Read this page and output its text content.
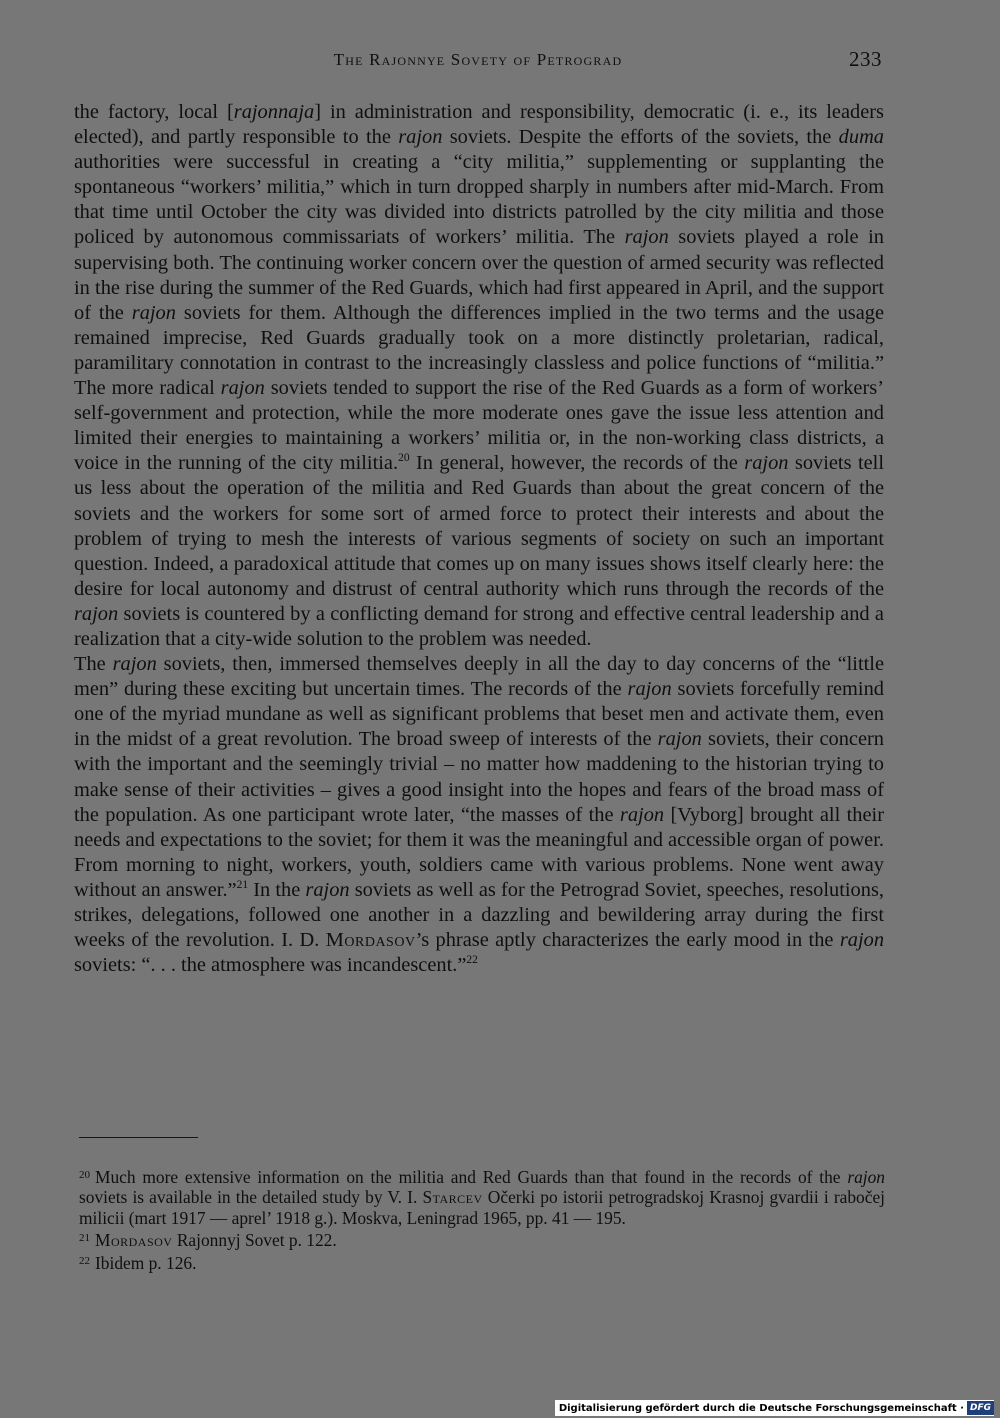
The Rajonnye Sovety of Petrograd	233

the factory, local [rajonnaja] in administration and responsibility, democratic (i. e., its leaders elected), and partly responsible to the rajon soviets. Despite the efforts of the soviets, the duma authorities were successful in creating a “city militia,” supplementing or supplanting the spontaneous “workers’ militia,” which in turn dropped sharply in numbers after mid-March. From that time until October the city was divided into districts patrolled by the city militia and those policed by autonomous commissariats of workers’ militia. The rajon soviets played a role in supervising both. The continuing worker concern over the question of armed security was reflected in the rise during the summer of the Red Guards, which had first appeared in April, and the support of the rajon soviets for them. Although the differences implied in the two terms and the usage remained imprecise, Red Guards gradually took on a more distinctly proletarian, radical, paramilitary connotation in contrast to the increasingly classless and police functions of “militia.” The more radical rajon soviets tended to support the rise of the Red Guards as a form of workers’ self-government and protection, while the more moderate ones gave the issue less attention and limited their energies to maintaining a workers’ militia or, in the non-working class districts, a voice in the running of the city militia.$^{20}$ In general, however, the records of the rajon soviets tell us less about the operation of the militia and Red Guards than about the great concern of the soviets and the workers for some sort of armed force to protect their interests and about the problem of trying to mesh the interests of various segments of society on such an important question. Indeed, a paradoxical attitude that comes up on many issues shows itself clearly here: the desire for local autonomy and distrust of central authority which runs through the records of the rajon soviets is countered by a conflicting demand for strong and effective central leadership and a realization that a city-wide solution to the problem was needed.

The rajon soviets, then, immersed themselves deeply in all the day to day concerns of the “little men” during these exciting but uncertain times. The records of the rajon soviets forcefully remind one of the myriad mundane as well as significant problems that beset men and activate them, even in the midst of a great revolution. The broad sweep of interests of the rajon soviets, their concern with the important and the seemingly trivial – no matter how maddening to the historian trying to make sense of their activities – gives a good insight into the hopes and fears of the broad mass of the population. As one participant wrote later, “the masses of the rajon [Vyborg] brought all their needs and expectations to the soviet; for them it was the meaningful and accessible organ of power. From morning to night, workers, youth, soldiers came with various problems. None went away without an answer.”$^{21}$ In the rajon soviets as well as for the Petrograd Soviet, speeches, resolutions, strikes, delegations, followed one another in a dazzling and bewildering array during the first weeks of the revolution. I. D. Mordasov’s phrase aptly characterizes the early mood in the rajon soviets: “. . . the atmosphere was incandescent.”$^{22}$

$^{20}$ Much more extensive information on the militia and Red Guards than that found in the records of the rajon soviets is available in the detailed study by V. I. Starcev Očerki po istorii petrogradskoj Krasnoj gvardii i rabočej milicii (mart 1917 — aprel’ 1918 g.). Moskva, Leningrad 1965, pp. 41 — 195.

$^{21}$ Mordasov Rajonnyj Sovet p. 122.

$^{22}$ Ibidem p. 126.

Digitalisierung gefördert durch die Deutsche Forschungsgemeinschaft · DFG
